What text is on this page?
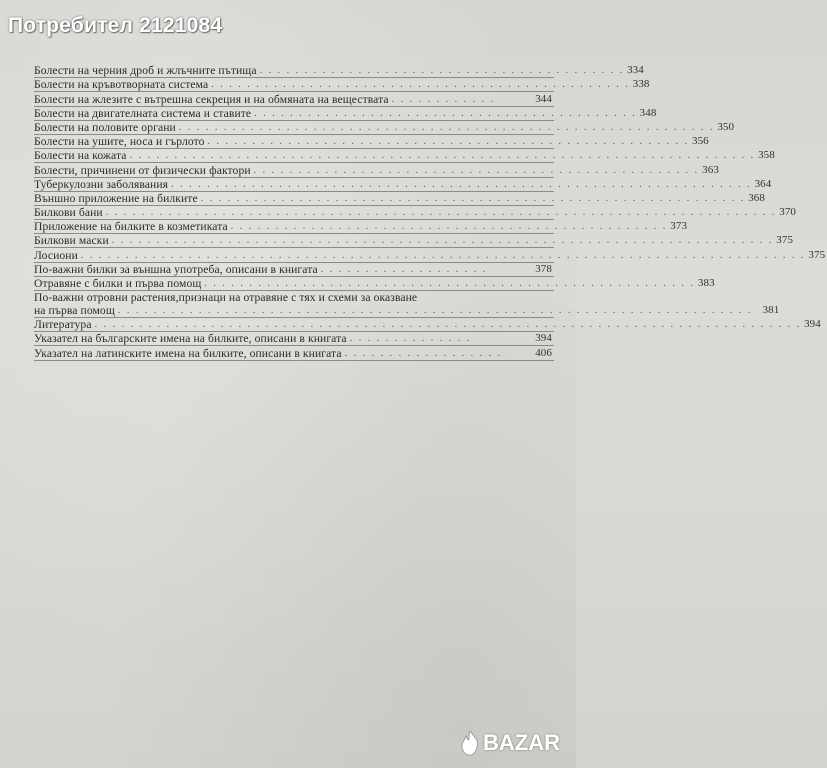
Потребител 2121084
Болести на черния дроб и жлъчните пътища . . . . . . . . . . . . . . . . . . . . . . . . . . . . . . . . . . . . . . . . . 334
Болести на кръвотворната система . . . . . . . . . . . . . . . . . . . . . . . . . . . . . . . . . . . . . . . . . . . . . . . 338
Болести на жлезите с вътрешна секреция и на обмяната на веществата . . . . . . . . . . . .	344
Болести на двигателната система и ставите . . . . . . . . . . . . . . . . . . . . . . . . . . . . . . . . . . . . . . . . . . . 348
Болести на половите органи . . . . . . . . . . . . . . . . . . . . . . . . . . . . . . . . . . . . . . . . . . . . . . . . . . . . . . . . . . . . 350
Болести на ушите, носа и гърлото . . . . . . . . . . . . . . . . . . . . . . . . . . . . . . . . . . . . . . . . . . . . . . . . . . . . . . 356
Болести на кожата . . . . . . . . . . . . . . . . . . . . . . . . . . . . . . . . . . . . . . . . . . . . . . . . . . . . . . . . . . . . . . . . . . . . . . 358
Болести, причинени от физически фактори . . . . . . . . . . . . . . . . . . . . . . . . . . . . . . . . . . . . . . . . . . . . . . . . . . 363
Туберкулозни заболявания . . . . . . . . . . . . . . . . . . . . . . . . . . . . . . . . . . . . . . . . . . . . . . . . . . . . . . . . . . . . . . . . . 364
Външно приложение на билките . . . . . . . . . . . . . . . . . . . . . . . . . . . . . . . . . . . . . . . . . . . . . . . . . . . . . . . . . . . . . 368
Билкови бани . . . . . . . . . . . . . . . . . . . . . . . . . . . . . . . . . . . . . . . . . . . . . . . . . . . . . . . . . . . . . . . . . . . . . . . . . . . 370
Приложение на билките в козметиката . . . . . . . . . . . . . . . . . . . . . . . . . . . . . . . . . . . . . . . . . . . . . . . . . 373
Билкови маски . . . . . . . . . . . . . . . . . . . . . . . . . . . . . . . . . . . . . . . . . . . . . . . . . . . . . . . . . . . . . . . . . . . . . . . . . . 375
Лосиони . . . . . . . . . . . . . . . . . . . . . . . . . . . . . . . . . . . . . . . . . . . . . . . . . . . . . . . . . . . . . . . . . . . . . . . . . . . . . . . . . 375
По-важни билки за външна употреба, описани в книгата . . . . . . . . . . . . . . . . . . .	378
Отравяне с билки и първа помощ . . . . . . . . . . . . . . . . . . . . . . . . . . . . . . . . . . . . . . . . . . . . . . . . . . . . . . . 383
По-важни отровни растения,признаци на отравяне с тях и схеми за оказване
на първа помощ . . . . . . . . . . . . . . . . . . . . . . . . . . . . . . . . . . . . . . . . . . . . . . . . . . . . . . . . . . . . . . . . . . . . . . . 381
Литература . . . . . . . . . . . . . . . . . . . . . . . . . . . . . . . . . . . . . . . . . . . . . . . . . . . . . . . . . . . . . . . . . . . . . . . . . . . . . . . 394
Указател на българските имена на билките, описани в книгата . . . . . . . . . . . . . .	394
Указател на латинските имена на билките, описани в книгата . . . . . . . . . . . . . . . . . .	406
BAZAR
